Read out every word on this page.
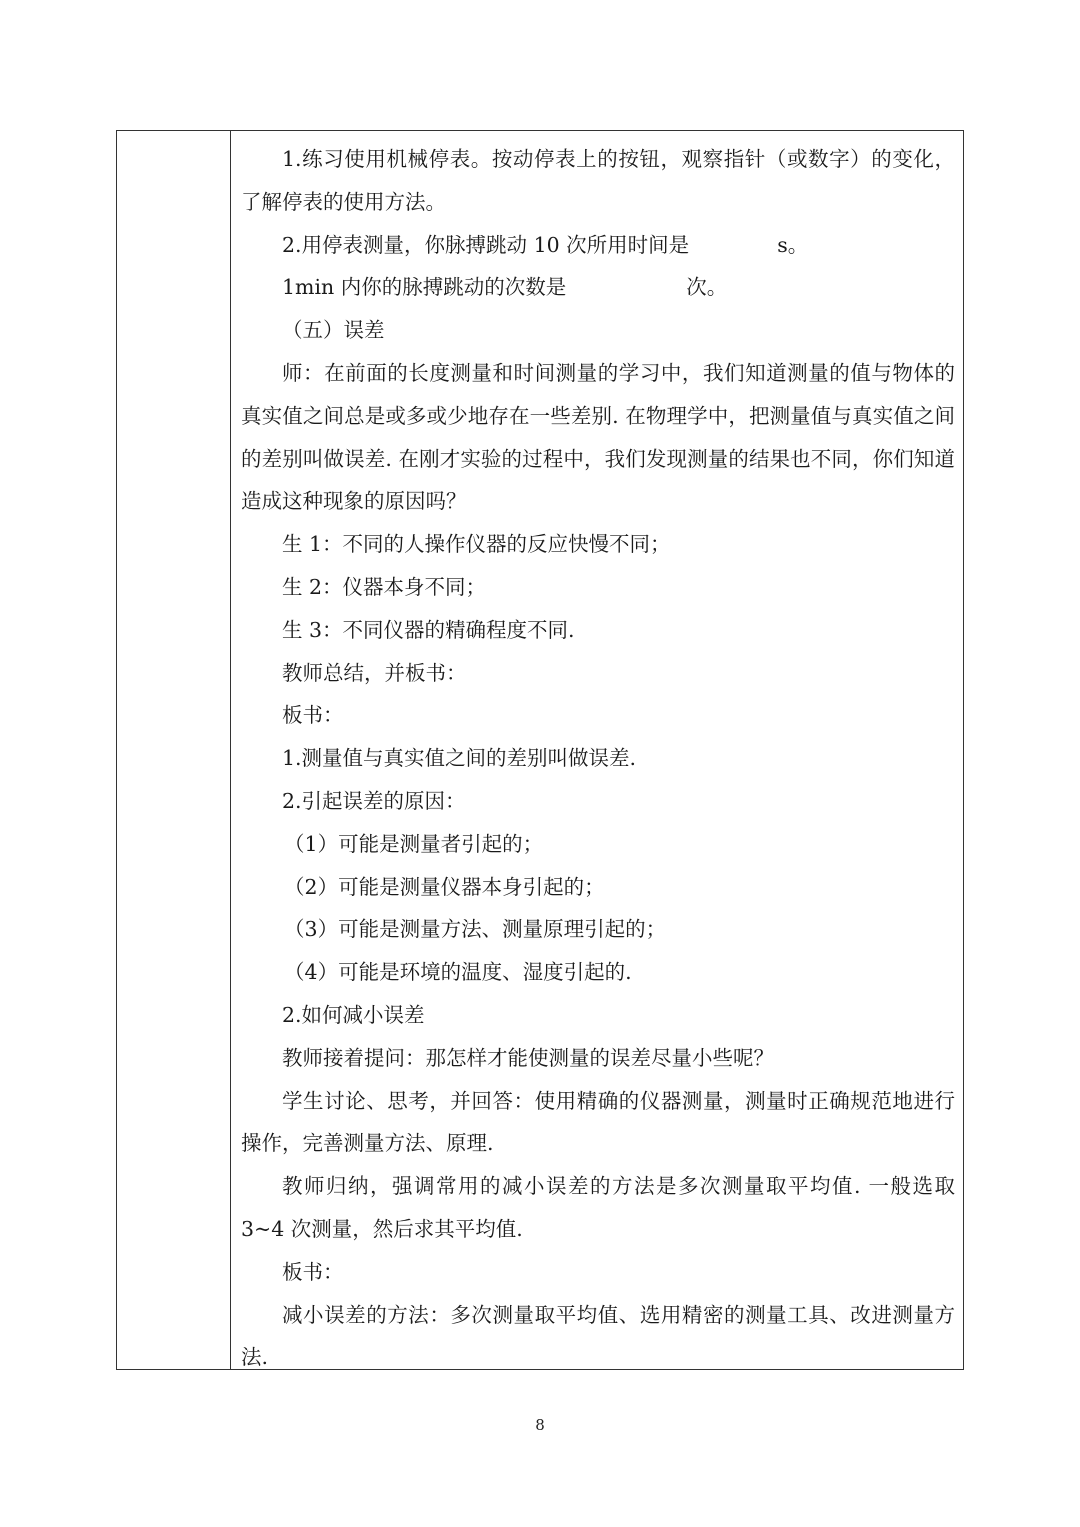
1.练习使用机械停表。按动停表上的按钮，观察指针（或数字）的变化，了解停表的使用方法。

2.用停表测量，你脉搏跳动 10 次所用时间是	s。

1min 内你的脉搏跳动的次数是	次。

（五）误差

师：在前面的长度测量和时间测量的学习中，我们知道测量的值与物体的真实值之间总是或多或少地存在一些差别. 在物理学中，把测量值与真实值之间的差别叫做误差. 在刚才实验的过程中，我们发现测量的结果也不同，你们知道造成这种现象的原因吗？

生 1：不同的人操作仪器的反应快慢不同；

生 2：仪器本身不同；

生 3：不同仪器的精确程度不同.

教师总结，并板书：

板书：

1.测量值与真实值之间的差别叫做误差.

2.引起误差的原因：

（1）可能是测量者引起的；

（2）可能是测量仪器本身引起的；

（3）可能是测量方法、测量原理引起的；

（4）可能是环境的温度、湿度引起的.

2.如何减小误差

教师接着提问：那怎样才能使测量的误差尽量小些呢？

学生讨论、思考，并回答：使用精确的仪器测量，测量时正确规范地进行操作，完善测量方法、原理.

教师归纳，强调常用的减小误差的方法是多次测量取平均值. 一般选取 3~4 次测量，然后求其平均值.

板书：

减小误差的方法：多次测量取平均值、选用精密的测量工具、改进测量方法.

8
